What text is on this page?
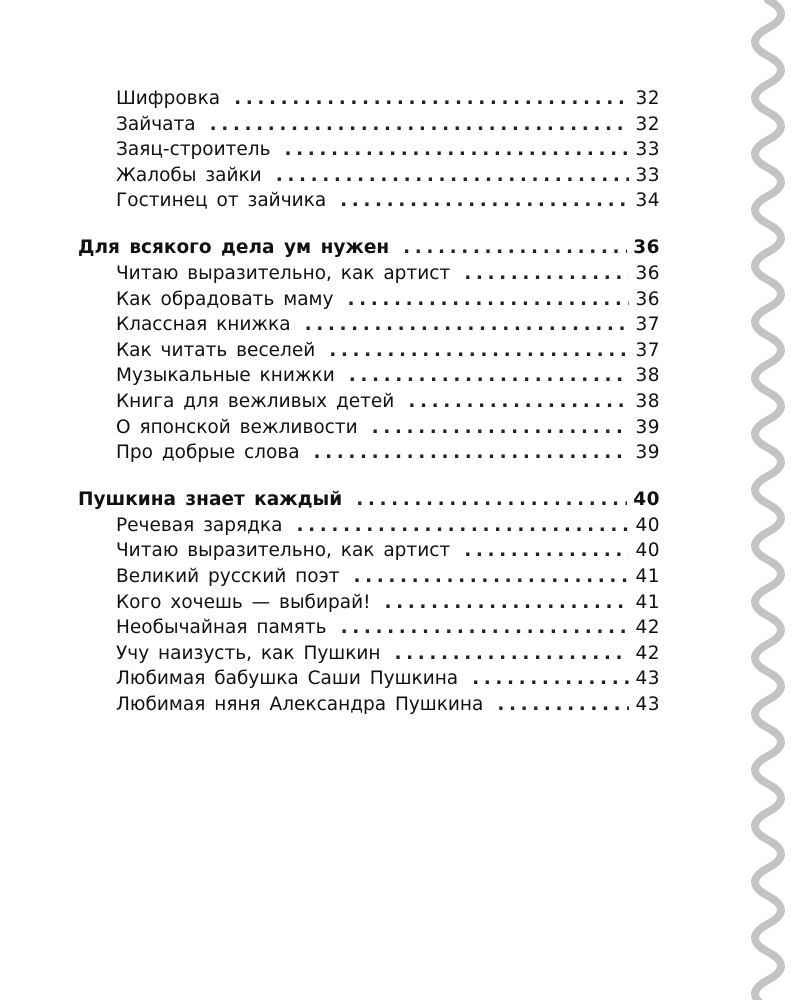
Шифровка .....	32
Зайчата .....	32
Заяц-строитель .....	33
Жалобы зайки .....	33
Гостинец от зайчика .....	34
Для всякого дела ум нужен .....	36
Читаю выразительно, как артист .....	36
Как обрадовать маму .....	36
Классная книжка .....	37
Как читать веселей .....	37
Музыкальные книжки .....	38
Книга для вежливых детей .....	38
О японской вежливости .....	39
Про добрые слова .....	39
Пушкина знает каждый .....	40
Речевая зарядка .....	40
Читаю выразительно, как артист .....	40
Великий русский поэт .....	41
Кого хочешь — выбирай! .....	41
Необычайная память .....	42
Учу наизусть, как Пушкин .....	42
Любимая бабушка Саши Пушкина .....	43
Любимая няня Александра Пушкина .....	43
